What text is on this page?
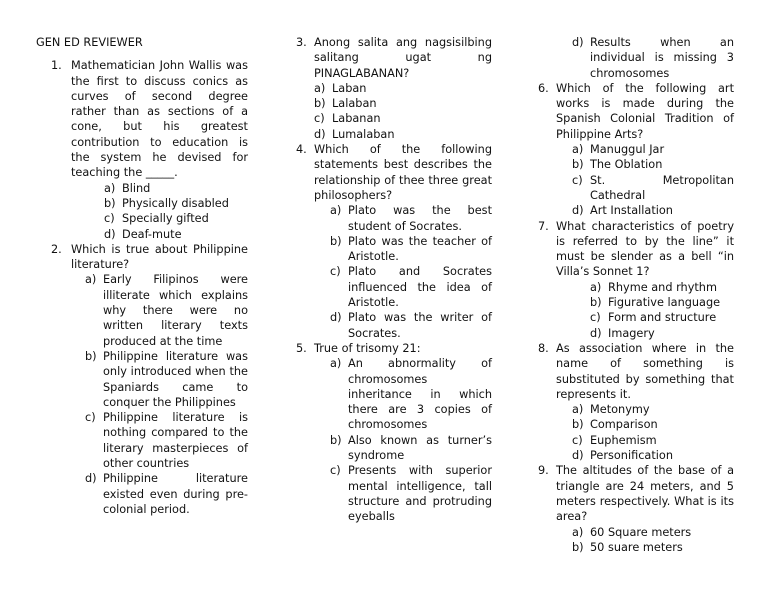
GEN ED REVIEWER
1. Mathematician John Wallis was the first to discuss conics as curves of second degree rather than as sections of a cone, but his greatest contribution to education is the system he devised for teaching the _____.
a) Blind
b) Physically disabled
c) Specially gifted
d) Deaf-mute
2. Which is true about Philippine literature?
a) Early Filipinos were illiterate which explains why there were no written literary texts produced at the time
b) Philippine literature was only introduced when the Spaniards came to conquer the Philippines
c) Philippine literature is nothing compared to the literary masterpieces of other countries
d) Philippine literature existed even during pre-colonial period.
3. Anong salita ang nagsisilbing salitang ugat ng PINAGLABANAN?
a) Laban
b) Lalaban
c) Labanan
d) Lumalaban
4. Which of the following statements best describes the relationship of thee three great philosophers?
a) Plato was the best student of Socrates.
b) Plato was the teacher of Aristotle.
c) Plato and Socrates influenced the idea of Aristotle.
d) Plato was the writer of Socrates.
5. True of trisomy 21:
a) An abnormality of chromosomes inheritance in which there are 3 copies of chromosomes
b) Also known as turner’s syndrome
c) Presents with superior mental intelligence, tall structure and protruding eyeballs
d) Results when an individual is missing 3 chromosomes
6. Which of the following art works is made during the Spanish Colonial Tradition of Philippine Arts?
a) Manuggul Jar
b) The Oblation
c) St. Metropolitan Cathedral
d) Art Installation
7. What characteristics of poetry is referred to by the line” it must be slender as a bell “in Villa’s Sonnet 1?
a) Rhyme and rhythm
b) Figurative language
c) Form and structure
d) Imagery
8. As association where in the name of something is substituted by something that represents it.
a) Metonymy
b) Comparison
c) Euphemism
d) Personification
9. The altitudes of the base of a triangle are 24 meters, and 5 meters respectively. What is its area?
a) 60 Square meters
b) 50 suare meters
